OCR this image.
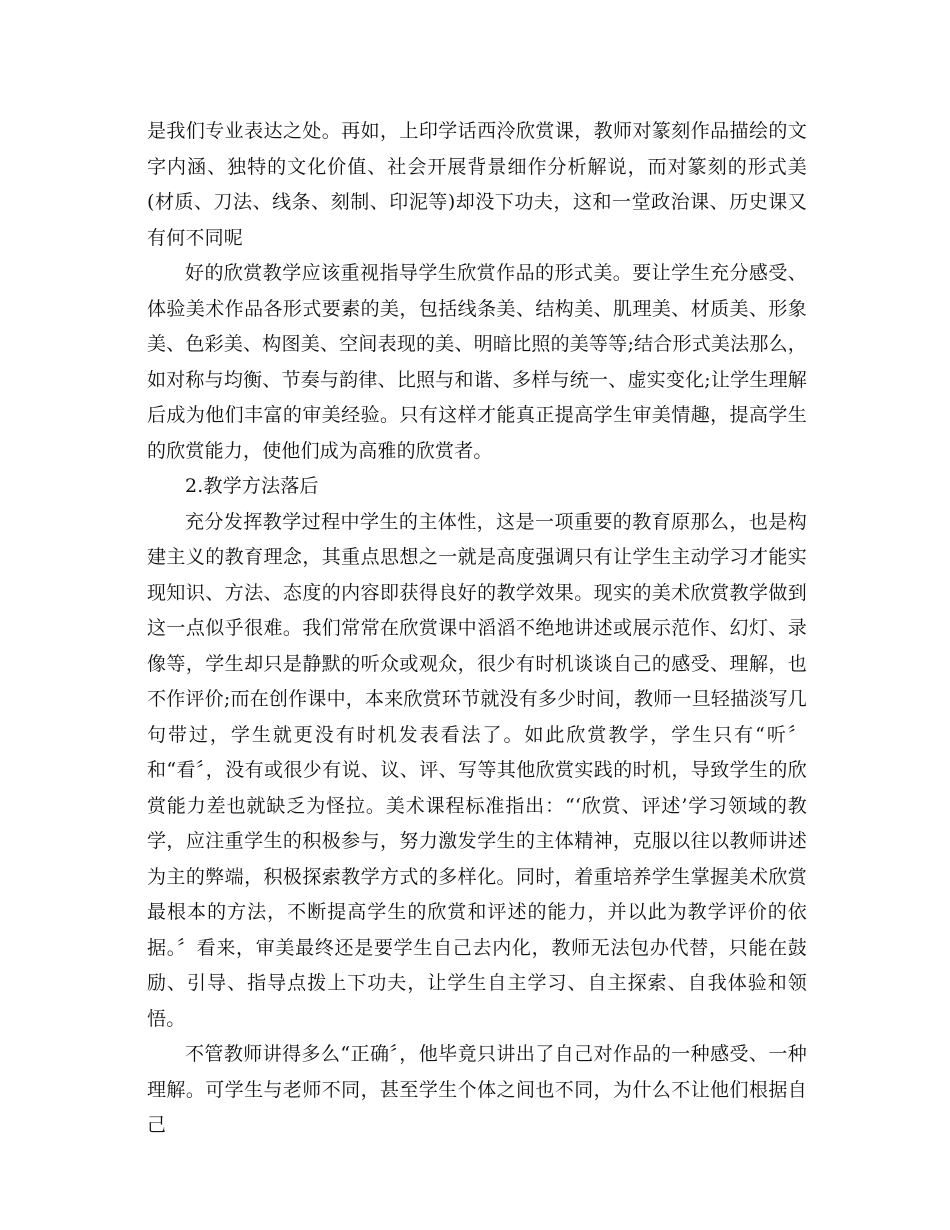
是我们专业表达之处。再如，上印学话西泠欣赏课，教师对篆刻作品描绘的文字内涵、独特的文化价值、社会开展背景细作分析解说，而对篆刻的形式美(材质、刀法、线条、刻制、印泥等)却没下功夫，这和一堂政治课、历史课又有何不同呢

好的欣赏教学应该重视指导学生欣赏作品的形式美。要让学生充分感受、体验美术作品各形式要素的美，包括线条美、结构美、肌理美、材质美、形象美、色彩美、构图美、空间表现的美、明暗比照的美等等;结合形式美法那么，如对称与均衡、节奏与韵律、比照与和谐、多样与统一、虚实变化;让学生理解后成为他们丰富的审美经验。只有这样才能真正提高学生审美情趣，提高学生的欣赏能力，使他们成为高雅的欣赏者。

2.教学方法落后

充分发挥教学过程中学生的主体性，这是一项重要的教育原那么，也是构建主义的教育理念，其重点思想之一就是高度强调只有让学生主动学习才能实现知识、方法、态度的内容即获得良好的教学效果。现实的美术欣赏教学做到这一点似乎很难。我们常常在欣赏课中滔滔不绝地讲述或展示范作、幻灯、录像等，学生却只是静默的听众或观众，很少有时机谈谈自己的感受、理解，也不作评价;而在创作课中，本来欣赏环节就没有多少时间，教师一旦轻描淡写几句带过，学生就更没有时机发表看法了。如此欣赏教学，学生只有“听〞和“看〞，没有或很少有说、议、评、写等其他欣赏实践的时机，导致学生的欣赏能力差也就缺乏为怪拉。美术课程标准指出：“‘欣赏、评述’学习领域的教学，应注重学生的积极参与，努力激发学生的主体精神，克服以往以教师讲述为主的弊端，积极探索教学方式的多样化。同时，着重培养学生掌握美术欣赏最根本的方法，不断提高学生的欣赏和评述的能力，并以此为教学评价的依据。〞看来，审美最终还是要学生自己去内化，教师无法包办代替，只能在鼓励、引导、指导点拨上下功夫，让学生自主学习、自主探索、自我体验和领悟。

不管教师讲得多么“正确〞，他毕竟只讲出了自己对作品的一种感受、一种理解。可学生与老师不同，甚至学生个体之间也不同，为什么不让他们根据自己
